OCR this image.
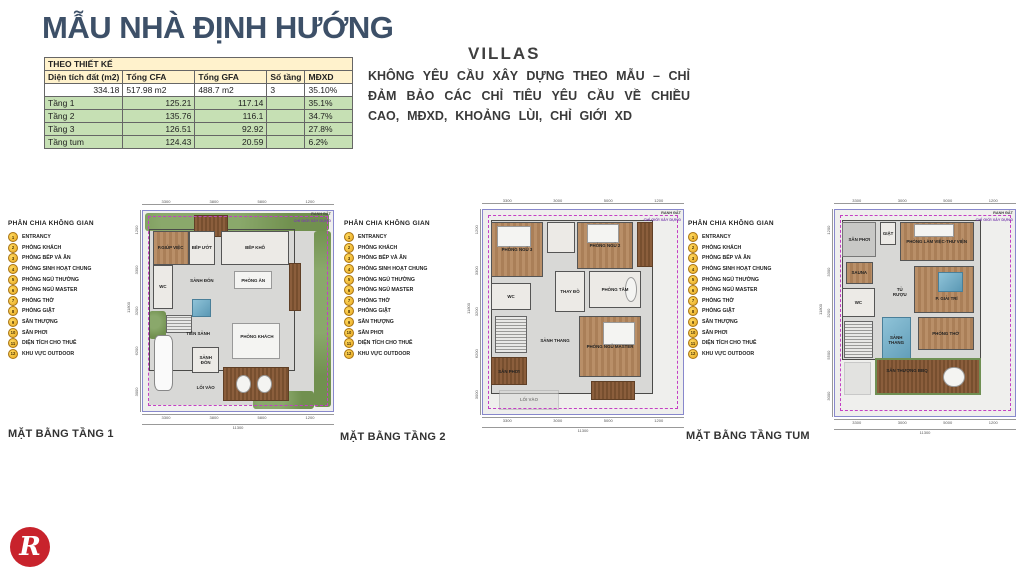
MẪU NHÀ ĐỊNH HƯỚNG
VILLAS
KHÔNG YÊU CẦU XÂY DỰNG THEO MẪU – CHỈ ĐẢM BẢO CÁC CHỈ TIÊU YÊU CẦU VỀ CHIỀU CAO, MĐXD, KHOẢNG LÙI, CHỈ GIỚI XD
THEO THIẾT KẾ				
Diện tích đất (m2)	Tổng CFA	Tổng GFA	Số tầng	MĐXD
334.18	517.98 m2	488.7 m2	3	35.10%
Tầng 1	125.21	117.14		35.1%
Tầng 2	135.76	116.1		34.7%
Tầng 3	126.51	92.92		27.8%
Tầng tum	124.43	20.59		6.2%
PHÂN CHIA KHÔNG GIAN
1	ENTRANCY
2	PHÒNG KHÁCH
3	PHÒNG BẾP VÀ ĂN
4	PHÒNG SINH HOẠT CHUNG
5	PHÒNG NGỦ THƯỜNG
6	PHÒNG NGỦ MASTER
7	PHÒNG THỜ
8	PHÒNG GIẶT
9	SÂN THƯỢNG
10	SÂN PHƠI
11	DIỆN TÍCH CHO THUÊ
12	KHU VỰC OUTDOOR
PHÂN CHIA KHÔNG GIAN
1	ENTRANCY
2	PHÒNG KHÁCH
3	PHÒNG BẾP VÀ ĂN
4	PHÒNG SINH HOẠT CHUNG
5	PHÒNG NGỦ THƯỜNG
6	PHÒNG NGỦ MASTER
7	PHÒNG THỜ
8	PHÒNG GIẶT
9	SÂN THƯỢNG
10	SÂN PHƠI
11	DIỆN TÍCH CHO THUÊ
12	KHU VỰC OUTDOOR
PHÂN CHIA KHÔNG GIAN
1	ENTRANCY
2	PHÒNG KHÁCH
3	PHÒNG BẾP VÀ ĂN
4	PHÒNG SINH HOẠT CHUNG
5	PHÒNG NGỦ THƯỜNG
6	PHÒNG NGỦ MASTER
7	PHÒNG THỜ
8	PHÒNG GIẶT
9	SÂN THƯỢNG
10	SÂN PHƠI
11	DIỆN TÍCH CHO THUÊ
12	KHU VỰC OUTDOOR
3300	3800	5800	1200
1200
3300
3200
6200
3000
11800
P.GIÚP VIỆC BẾP ƯỚT	BẾP KHÔ
WC
SẢNH ĐÓN	PHÒNG ĂN
TIỀN SẢNH
PHÒNG KHÁCH
SẢNH ĐÓN
LỐI VÀO
RANH ĐẤT
CHỈ GIỚI XÂY DỰNG
3300	3800	5800	1200
11300
3300	3000	5000	1200
1200
3300
3200
6200
3000
11800
PHÒNG NGỦ 3
PHÒNG NGỦ 2
WC
THAY ĐỒ	PHÒNG TẮM
SẢNH THANG
PHÒNG NGỦ MASTER
SÂN PHƠI
LỐI VÀO
RANH ĐẤT
CHỈ GIỚI XÂY DỰNG
3300	3000	5000	1200
11300
3300	3000	5000	1200
1200
3300
3200
5500
3000
11800
SÂN PHƠI
GIẶT
PHÒNG LÀM VIỆC-THƯ VIỆN
SAUNA
WC
TỦ RƯỢU
P. GIẢI TRÍ
SẢNH THANG
PHÒNG THỜ
SÂN THƯỢNG BBQ
RANH ĐẤT
CHỈ GIỚI XÂY DỰNG
3300	3000	5000	1200
11300
MẶT BẰNG TẦNG 1	MẶT BẰNG TẦNG 2	MẶT BẰNG TẦNG TUM
R
